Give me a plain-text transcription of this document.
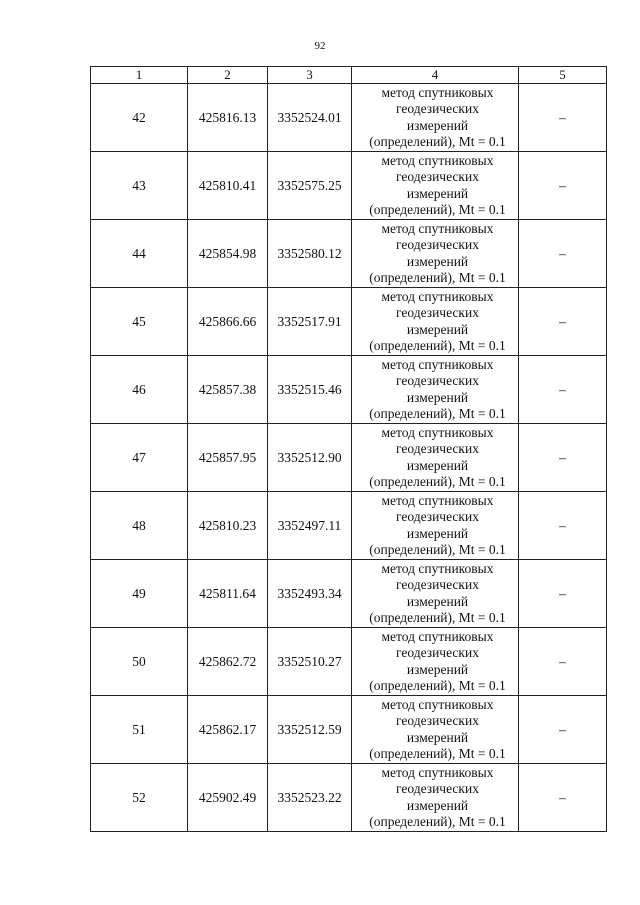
92
1	2	3	4	5
42	425816.13	3352524.01	метод спутниковых
геодезических
измерений
(определений), Mt = 0.1	–
43	425810.41	3352575.25	метод спутниковых
геодезических
измерений
(определений), Mt = 0.1	–
44	425854.98	3352580.12	метод спутниковых
геодезических
измерений
(определений), Mt = 0.1	–
45	425866.66	3352517.91	метод спутниковых
геодезических
измерений
(определений), Mt = 0.1	–
46	425857.38	3352515.46	метод спутниковых
геодезических
измерений
(определений), Mt = 0.1	–
47	425857.95	3352512.90	метод спутниковых
геодезических
измерений
(определений), Mt = 0.1	–
48	425810.23	3352497.11	метод спутниковых
геодезических
измерений
(определений), Mt = 0.1	–
49	425811.64	3352493.34	метод спутниковых
геодезических
измерений
(определений), Mt = 0.1	–
50	425862.72	3352510.27	метод спутниковых
геодезических
измерений
(определений), Mt = 0.1	–
51	425862.17	3352512.59	метод спутниковых
геодезических
измерений
(определений), Mt = 0.1	–
52	425902.49	3352523.22	метод спутниковых
геодезических
измерений
(определений), Mt = 0.1	–
